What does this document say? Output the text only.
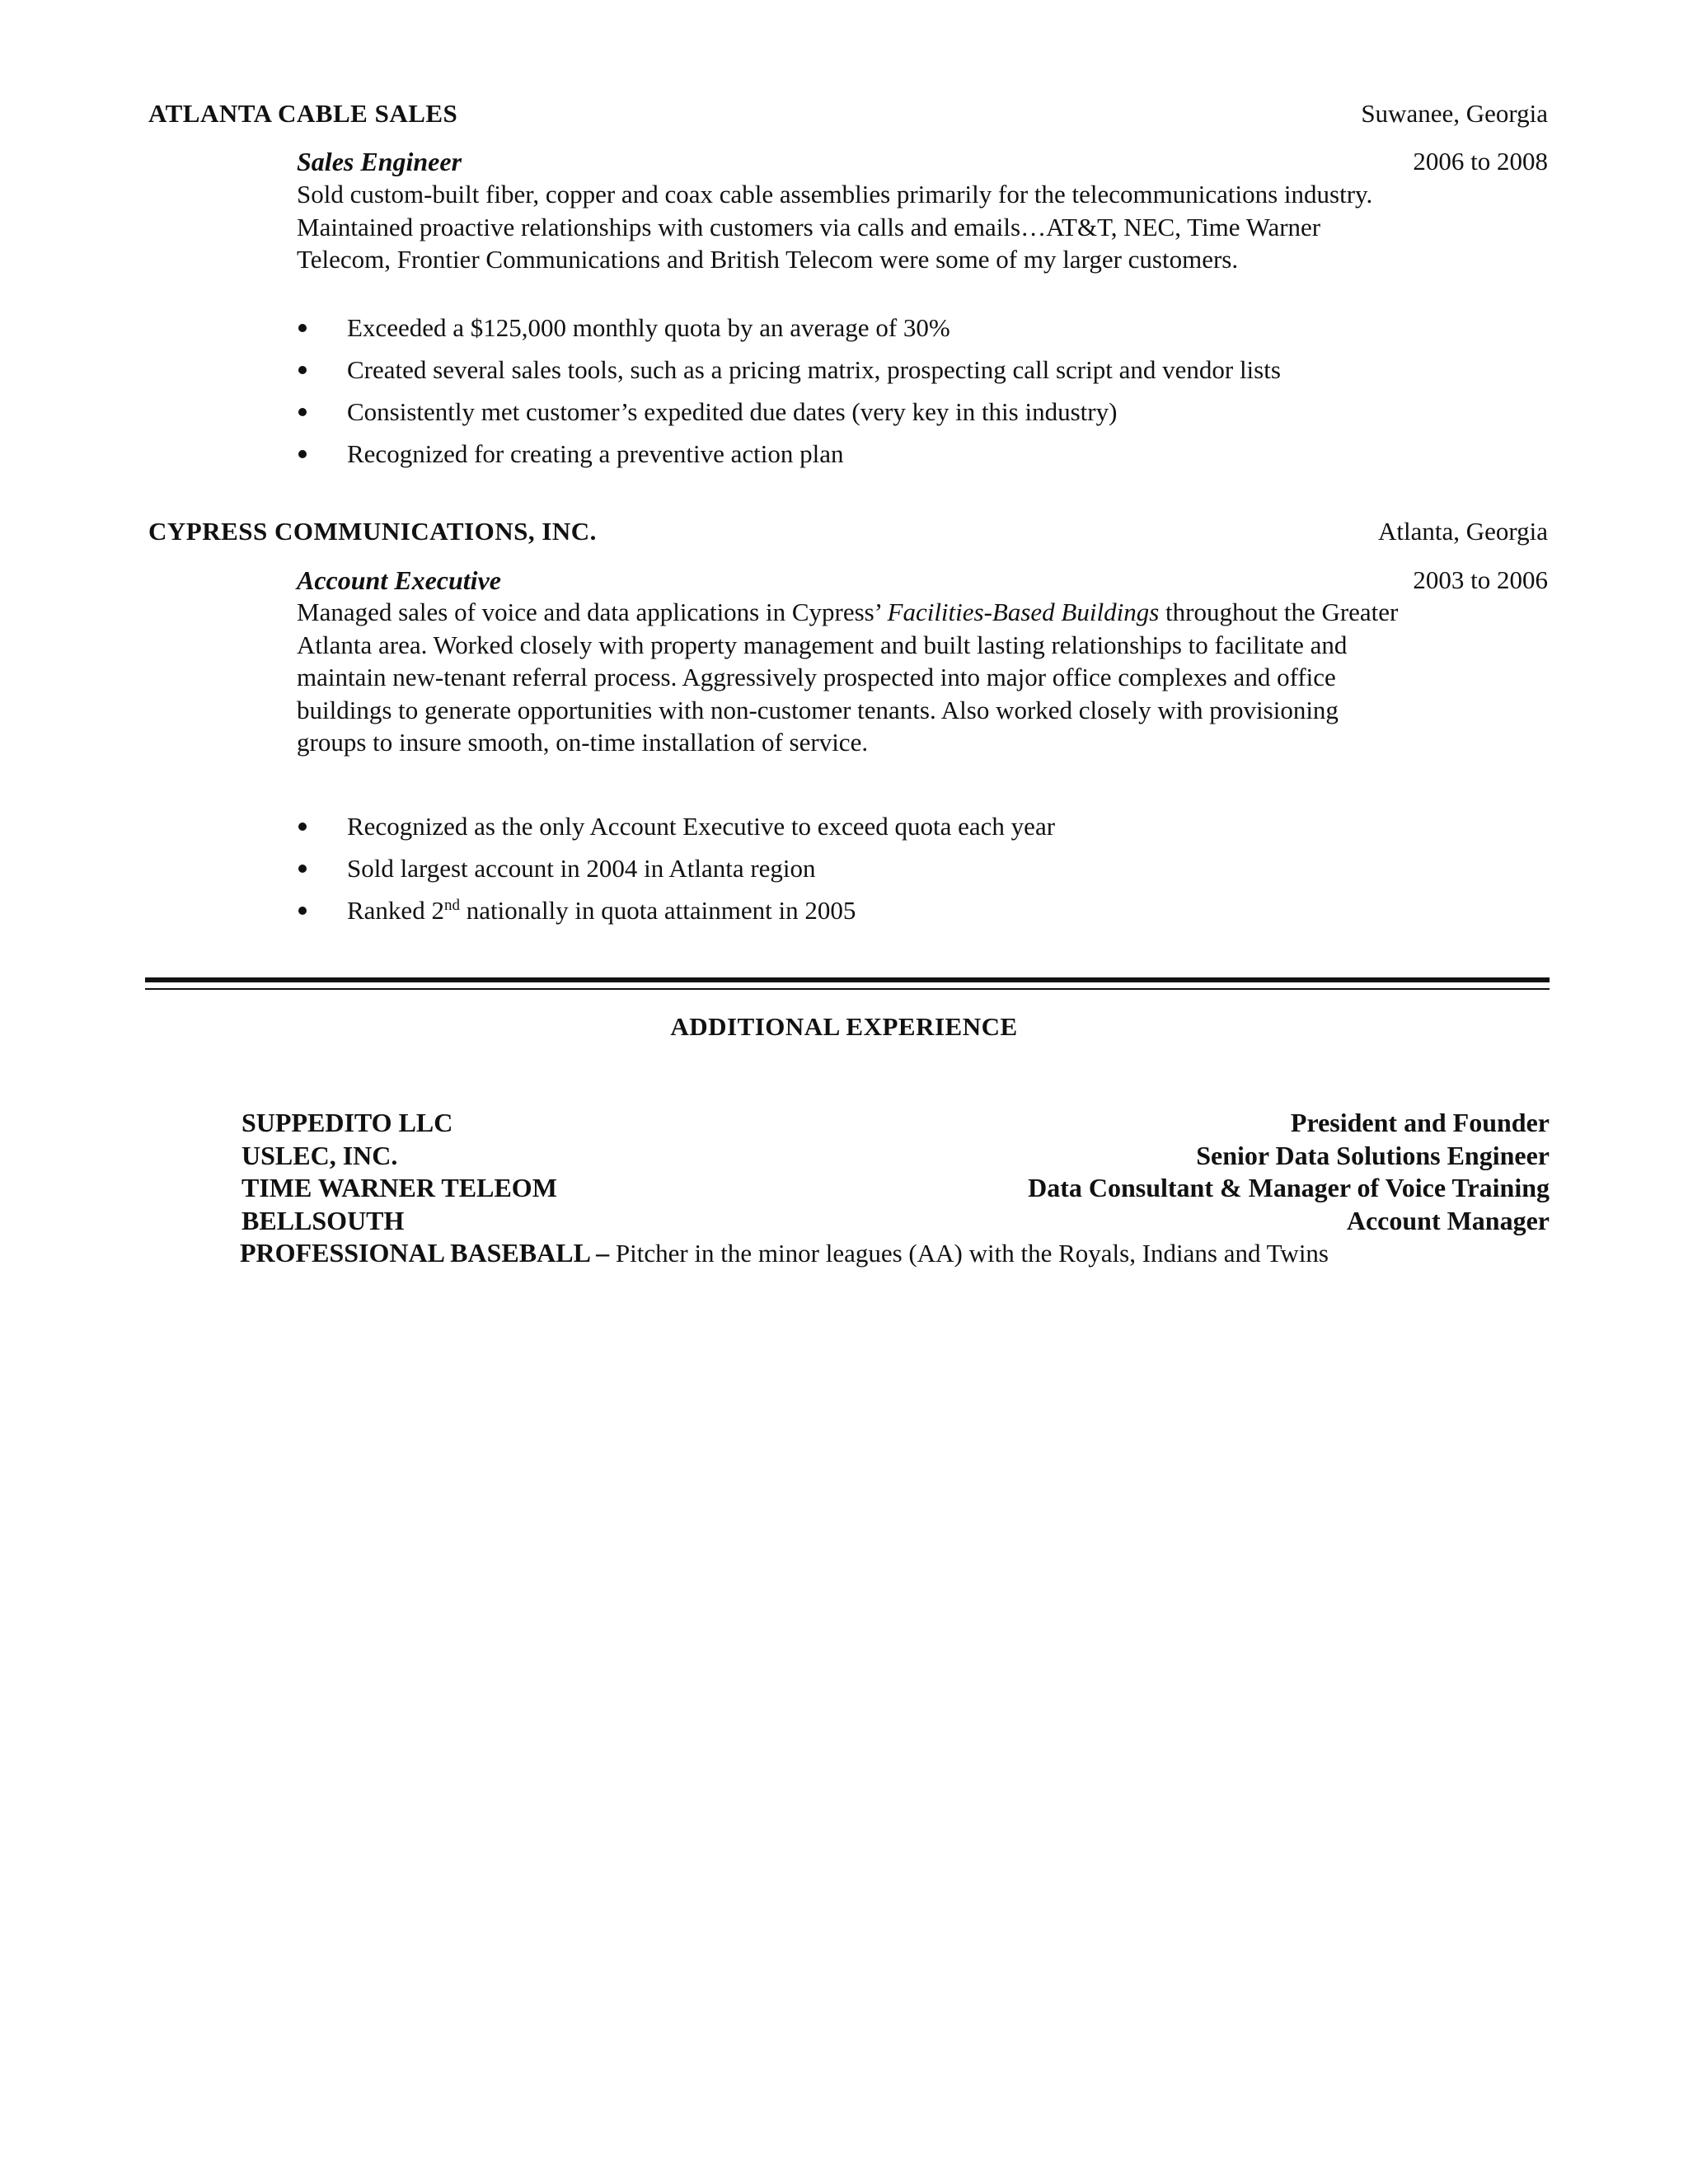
ATLANTA CABLE SALES	Suwanee, Georgia
Sales Engineer	2006 to 2008
Sold custom-built fiber, copper and coax cable assemblies primarily for the telecommunications industry.
Maintained proactive relationships with customers via calls and emails…AT&T, NEC, Time Warner
Telecom, Frontier Communications and British Telecom were some of my larger customers.
Exceeded a $125,000 monthly quota by an average of 30%
Created several sales tools, such as a pricing matrix, prospecting call script and vendor lists
Consistently met customer’s expedited due dates (very key in this industry)
Recognized for creating a preventive action plan
CYPRESS COMMUNICATIONS, INC.	Atlanta, Georgia
Account Executive	2003 to 2006
Managed sales of voice and data applications in Cypress’ Facilities-Based Buildings throughout the Greater
Atlanta area. Worked closely with property management and built lasting relationships to facilitate and
maintain new-tenant referral process. Aggressively prospected into major office complexes and office
buildings to generate opportunities with non-customer tenants. Also worked closely with provisioning
groups to insure smooth, on-time installation of service.
Recognized as the only Account Executive to exceed quota each year
Sold largest account in 2004 in Atlanta region
Ranked 2nd nationally in quota attainment in 2005
ADDITIONAL EXPERIENCE
SUPPEDITO LLC	President and Founder
USLEC, INC.	Senior Data Solutions Engineer
TIME WARNER TELEOM	Data Consultant & Manager of Voice Training
BELLSOUTH	Account Manager
PROFESSIONAL BASEBALL – Pitcher in the minor leagues (AA) with the Royals, Indians and Twins
